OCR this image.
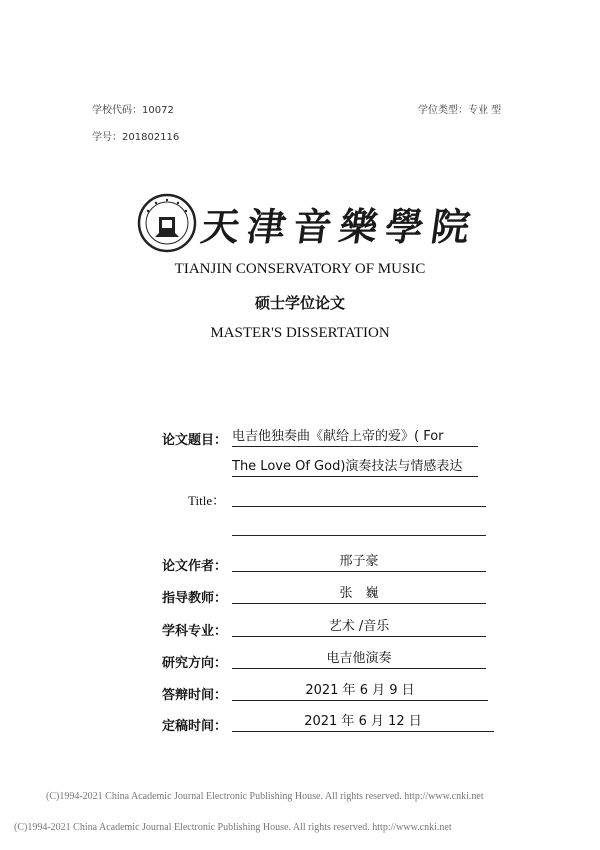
学校代码：10072	学位类型：专业 型
学号：201802116
天津音樂學院
TIANJIN CONSERVATORY OF MUSIC
硕士学位论文
MASTER'S DISSERTATION
论文题目： 电吉他独奏曲《献给上帝的爱》( For
The Love Of God)演奏技法与情感表达
Title：
论文作者：	邢子豪
指导教师：	张　巍
学科专业：	艺术 /音乐
研究方向：	电吉他演奏
答辩时间：	2021 年 6 月 9 日
定稿时间：	2021 年 6 月 12 日
(C)1994-2021 China Academic Journal Electronic Publishing House. All rights reserved. http://www.cnki.net
(C)1994-2021 China Academic Journal Electronic Publishing House. All rights reserved. http://www.cnki.net
